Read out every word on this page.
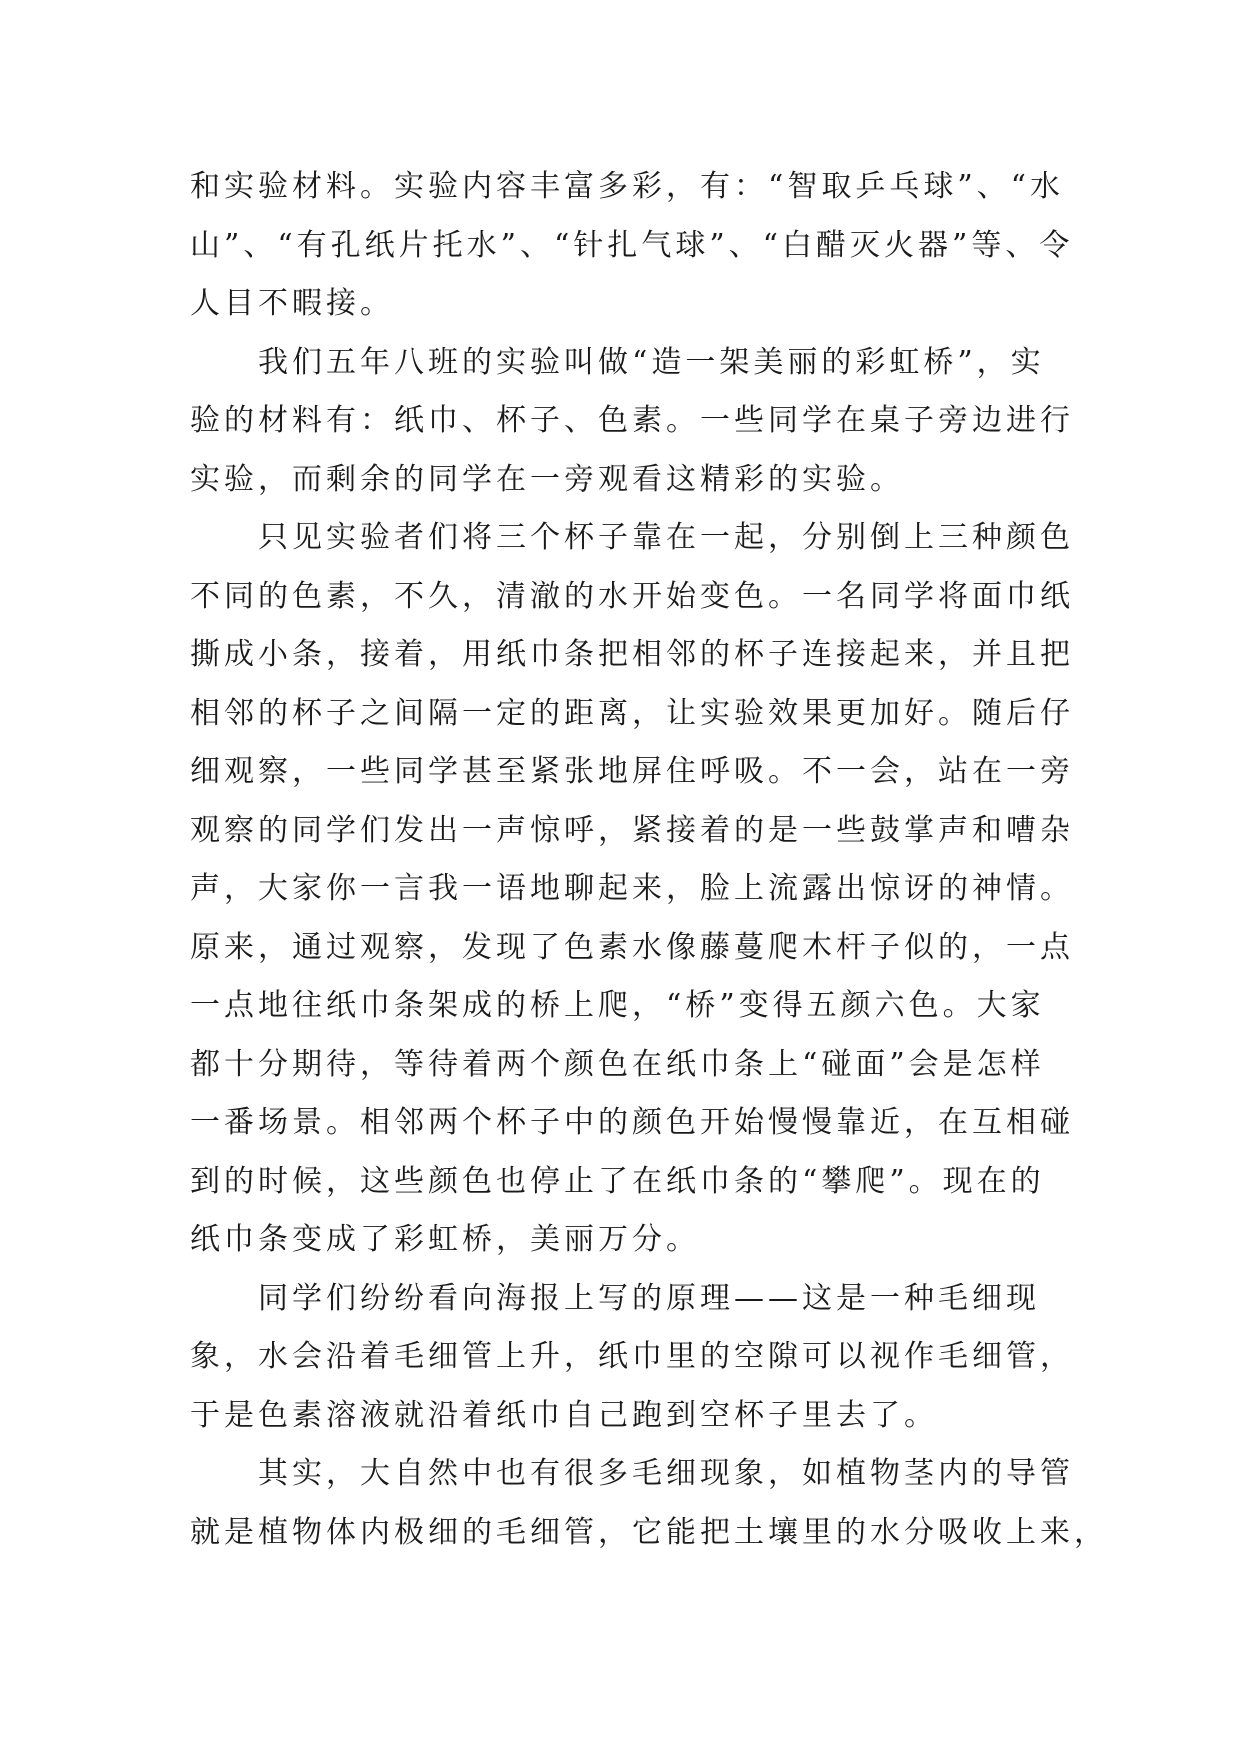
和实验材料。实验内容丰富多彩，有：“智取乒乓球”、“水
山”、“有孔纸片托水”、“针扎气球”、“白醋灭火器”等、令
人目不暇接。
我们五年八班的实验叫做“造一架美丽的彩虹桥”，实
验的材料有：纸巾、杯子、色素。一些同学在桌子旁边进行
实验，而剩余的同学在一旁观看这精彩的实验。
只见实验者们将三个杯子靠在一起，分别倒上三种颜色
不同的色素，不久，清澈的水开始变色。一名同学将面巾纸
撕成小条，接着，用纸巾条把相邻的杯子连接起来，并且把
相邻的杯子之间隔一定的距离，让实验效果更加好。随后仔
细观察，一些同学甚至紧张地屏住呼吸。不一会，站在一旁
观察的同学们发出一声惊呼，紧接着的是一些鼓掌声和嘈杂
声，大家你一言我一语地聊起来，脸上流露出惊讶的神情。
原来，通过观察，发现了色素水像藤蔓爬木杆子似的，一点
一点地往纸巾条架成的桥上爬，“桥”变得五颜六色。大家
都十分期待，等待着两个颜色在纸巾条上“碰面”会是怎样
一番场景。相邻两个杯子中的颜色开始慢慢靠近，在互相碰
到的时候，这些颜色也停止了在纸巾条的“攀爬”。现在的
纸巾条变成了彩虹桥，美丽万分。
同学们纷纷看向海报上写的原理——这是一种毛细现
象，水会沿着毛细管上升，纸巾里的空隙可以视作毛细管，
于是色素溶液就沿着纸巾自己跑到空杯子里去了。
其实，大自然中也有很多毛细现象，如植物茎内的导管
就是植物体内极细的毛细管，它能把土壤里的水分吸收上来，
